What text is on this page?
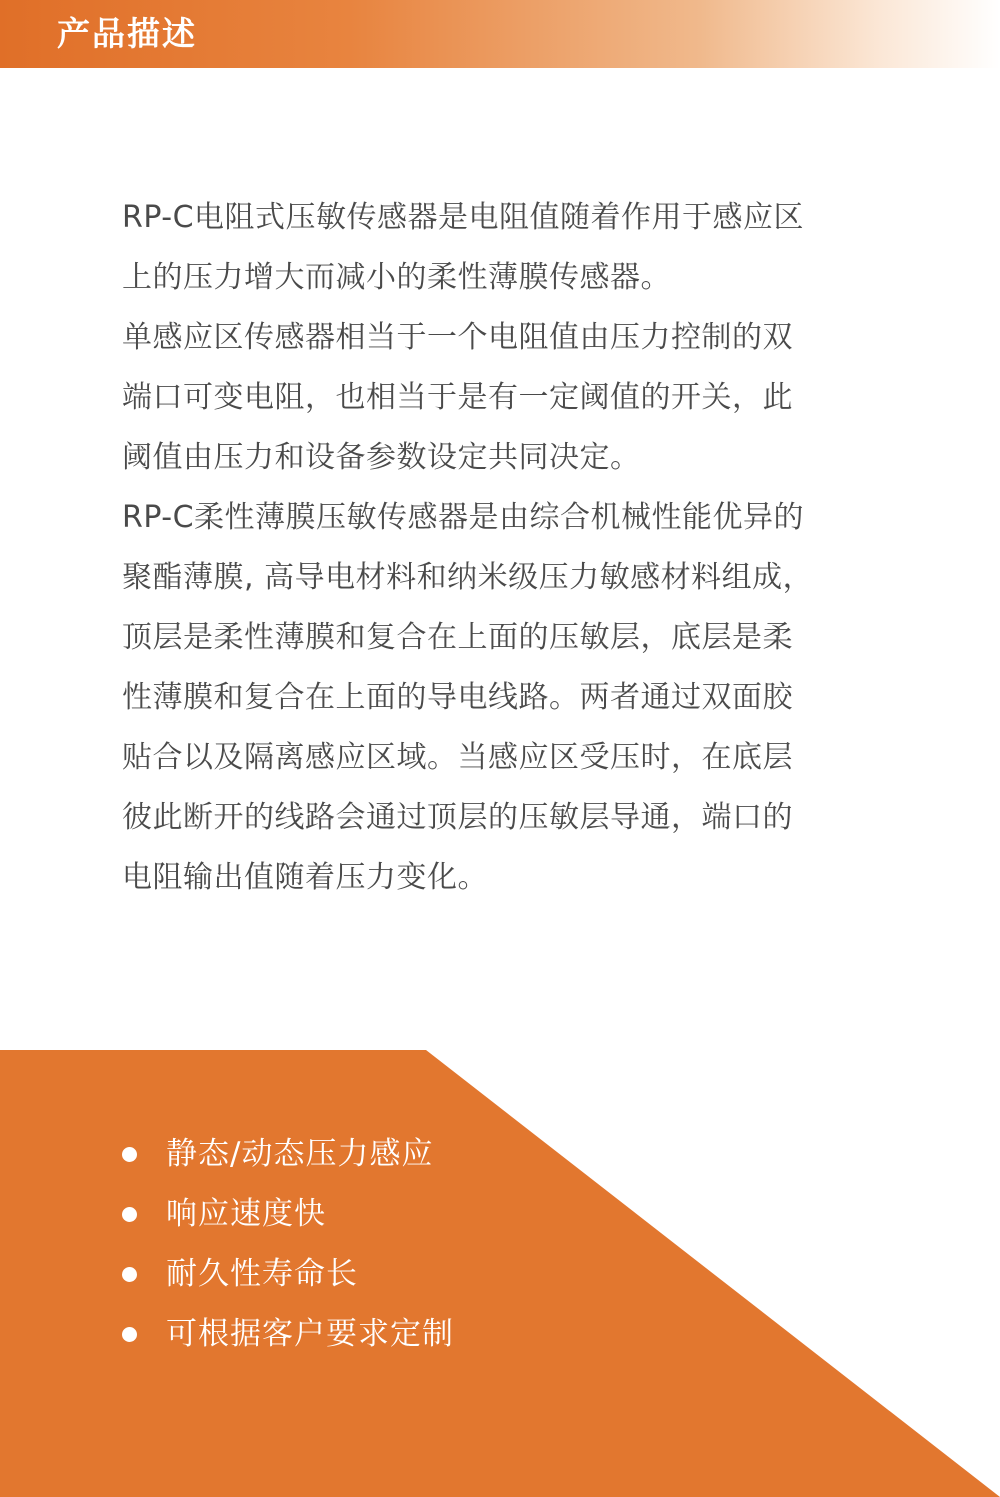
产品描述
RP-C电阻式压敏传感器是电阻值随着作用于感应区
上的压力增大而减小的柔性薄膜传感器。
单感应区传感器相当于一个电阻值由压力控制的双
端口可变电阻，也相当于是有一定阈值的开关，此
阈值由压力和设备参数设定共同决定。
RP-C柔性薄膜压敏传感器是由综合机械性能优异的
聚酯薄膜, 高导电材料和纳米级压力敏感材料组成，
顶层是柔性薄膜和复合在上面的压敏层，底层是柔
性薄膜和复合在上面的导电线路。两者通过双面胶
贴合以及隔离感应区域。当感应区受压时，在底层
彼此断开的线路会通过顶层的压敏层导通，端口的
电阻输出值随着压力变化。
静态/动态压力感应
响应速度快
耐久性寿命长
可根据客户要求定制
